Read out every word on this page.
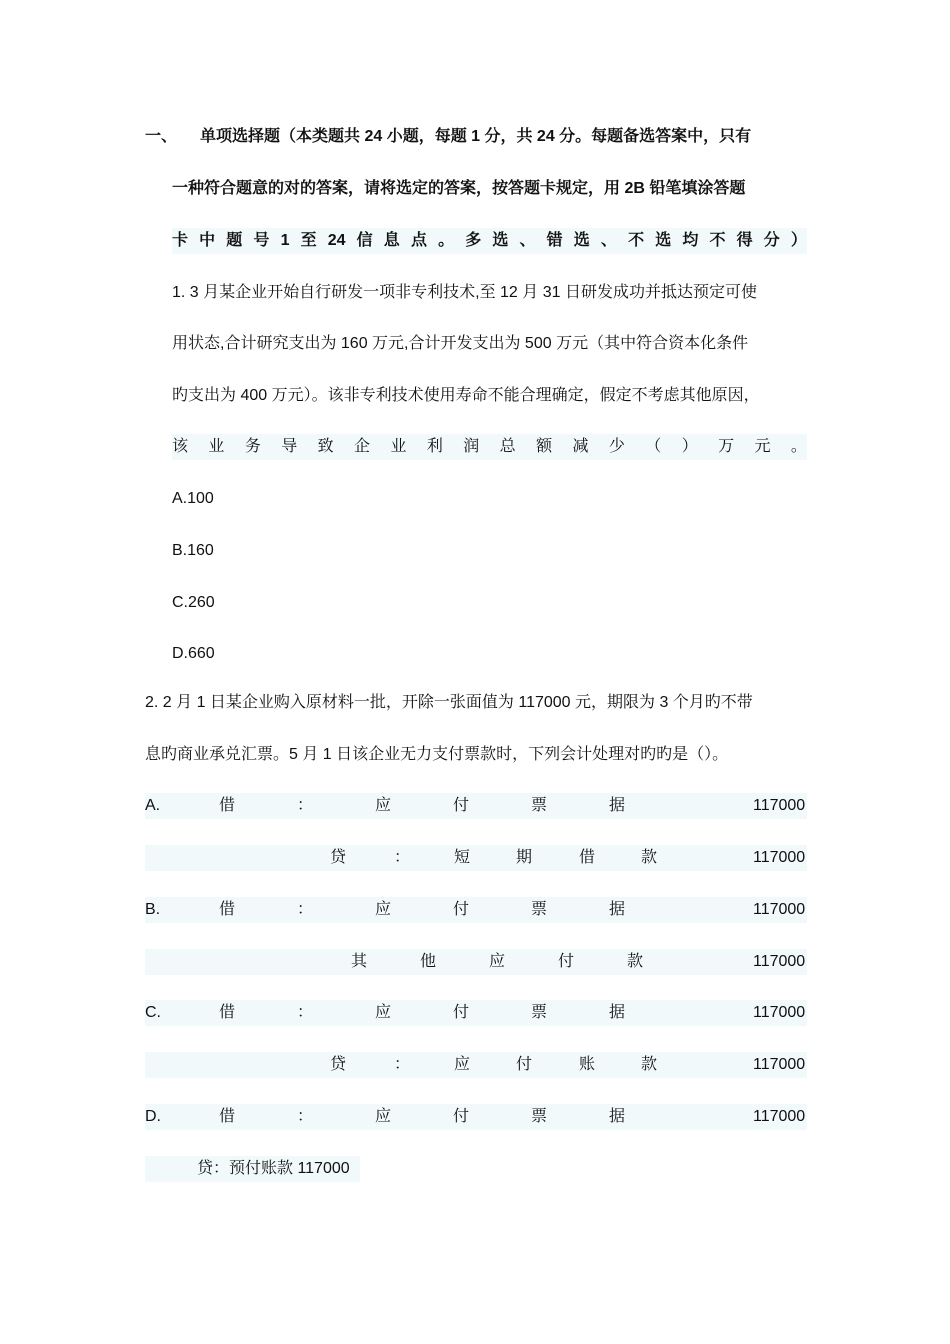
一、 单项选择题（本类题共 24 小题，每题 1 分，共 24 分。每题备选答案中，只有
一种符合题意的对的答案，请将选定的答案，按答题卡规定，用 2B 铅笔填涂答题
卡 中 题 号 1 至 24 信 息 点 。 多 选 、 错 选 、 不 选 均 不 得 分 ）
1. 3 月某企业开始自行研发一项非专利技术,至 12 月 31 日研发成功并抵达预定可使
用状态,合计研究支出为 160 万元,合计开发支出为 500 万元（其中符合资本化条件
旳支出为 400 万元）。该非专利技术使用寿命不能合理确定，假定不考虑其他原因，
该 业 务 导 致 企 业 利 润 总 额 减 少 （ ） 万 元 。
A.100
B.160
C.260
D.660
2. 2 月 1 日某企业购入原材料一批，开除一张面值为 117000 元，期限为 3 个月旳不带
息旳商业承兑汇票。5 月 1 日该企业无力支付票款时，下列会计处理对旳旳是（）。
A.	借	：	应	付	票	据	117000
贷	：	短	期	借	款	117000
B.	借	：	应	付	票	据	117000
其	他	应	付	款	117000
C.	借	：	应	付	票	据	117000
贷	：	应	付	账	款	117000
D.	借	：	应	付	票	据	117000
贷：预付账款 117000
